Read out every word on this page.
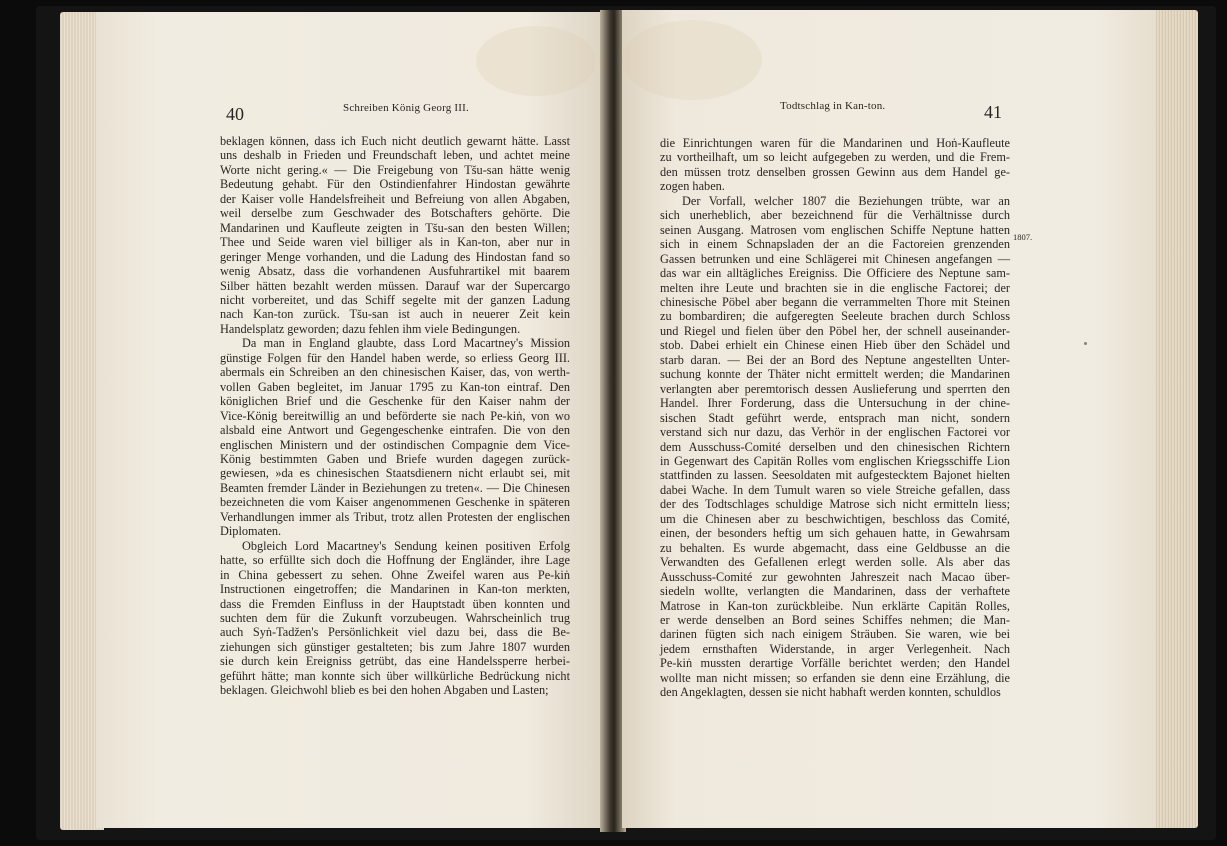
40	Schreiben König Georg III.
beklagen können, dass ich Euch nicht deutlich gewarnt hätte. Lasst
uns deshalb in Frieden und Freundschaft leben, und achtet meine
Worte nicht gering.« — Die Freigebung von Tšu-san hätte wenig
Bedeutung gehabt. Für den Ostindienfahrer Hindostan gewährte
der Kaiser volle Handelsfreiheit und Befreiung von allen Abgaben,
weil derselbe zum Geschwader des Botschafters gehörte. Die
Mandarinen und Kaufleute zeigten in Tšu-san den besten Willen;
Thee und Seide waren viel billiger als in Kan-ton, aber nur in
geringer Menge vorhanden, und die Ladung des Hindostan fand so
wenig Absatz, dass die vorhandenen Ausfuhrartikel mit baarem
Silber hätten bezahlt werden müssen. Darauf war der Supercargo
nicht vorbereitet, und das Schiff segelte mit der ganzen Ladung
nach Kan-ton zurück. Tšu-san ist auch in neuerer Zeit kein
Handelsplatz geworden; dazu fehlen ihm viele Bedingungen.
Da man in England glaubte, dass Lord Macartney's Mission
günstige Folgen für den Handel haben werde, so erliess Georg III.
abermals ein Schreiben an den chinesischen Kaiser, das, von werth-
vollen Gaben begleitet, im Januar 1795 zu Kan-ton eintraf. Den
königlichen Brief und die Geschenke für den Kaiser nahm der
Vice-König bereitwillig an und beförderte sie nach Pe-kiṅ, von wo
alsbald eine Antwort und Gegengeschenke eintrafen. Die von den
englischen Ministern und der ostindischen Compagnie dem Vice-
König bestimmten Gaben und Briefe wurden dagegen zurück-
gewiesen, »da es chinesischen Staatsdienern nicht erlaubt sei, mit
Beamten fremder Länder in Beziehungen zu treten«. — Die Chinesen
bezeichneten die vom Kaiser angenommenen Geschenke in späteren
Verhandlungen immer als Tribut, trotz allen Protesten der englischen
Diplomaten.
Obgleich Lord Macartney's Sendung keinen positiven Erfolg
hatte, so erfüllte sich doch die Hoffnung der Engländer, ihre Lage
in China gebessert zu sehen. Ohne Zweifel waren aus Pe-kiṅ
Instructionen eingetroffen; die Mandarinen in Kan-ton merkten,
dass die Fremden Einfluss in der Hauptstadt üben konnten und
suchten dem für die Zukunft vorzubeugen. Wahrscheinlich trug
auch Syṅ-Tadžen's Persönlichkeit viel dazu bei, dass die Be-
ziehungen sich günstiger gestalteten; bis zum Jahre 1807 wurden
sie durch kein Ereigniss getrübt, das eine Handelssperre herbei-
geführt hätte; man konnte sich über willkürliche Bedrückung nicht
beklagen. Gleichwohl blieb es bei den hohen Abgaben und Lasten;
Todtschlag in Kan-ton.	41
die Einrichtungen waren für die Mandarinen und Hoṅ-Kaufleute
zu vortheilhaft, um so leicht aufgegeben zu werden, und die Frem-
den müssen trotz denselben grossen Gewinn aus dem Handel ge-
zogen haben.
Der Vorfall, welcher 1807 die Beziehungen trübte, war an
sich unerheblich, aber bezeichnend für die Verhältnisse durch
seinen Ausgang. Matrosen vom englischen Schiffe Neptune hatten
sich in einem Schnapsladen der an die Factoreien grenzenden
Gassen betrunken und eine Schlägerei mit Chinesen angefangen —
das war ein alltägliches Ereigniss. Die Officiere des Neptune sam-
melten ihre Leute und brachten sie in die englische Factorei; der
chinesische Pöbel aber begann die verrammelten Thore mit Steinen
zu bombardiren; die aufgeregten Seeleute brachen durch Schloss
und Riegel und fielen über den Pöbel her, der schnell auseinander-
stob. Dabei erhielt ein Chinese einen Hieb über den Schädel und
starb daran. — Bei der an Bord des Neptune angestellten Unter-
suchung konnte der Thäter nicht ermittelt werden; die Mandarinen
verlangten aber peremtorisch dessen Auslieferung und sperrten den
Handel. Ihrer Forderung, dass die Untersuchung in der chine-
sischen Stadt geführt werde, entsprach man nicht, sondern
verstand sich nur dazu, das Verhör in der englischen Factorei vor
dem Ausschuss-Comité derselben und den chinesischen Richtern
in Gegenwart des Capitän Rolles vom englischen Kriegsschiffe Lion
stattfinden zu lassen. Seesoldaten mit aufgestecktem Bajonet hielten
dabei Wache. In dem Tumult waren so viele Streiche gefallen, dass
der des Todtschlages schuldige Matrose sich nicht ermitteln liess;
um die Chinesen aber zu beschwichtigen, beschloss das Comité,
einen, der besonders heftig um sich gehauen hatte, in Gewahrsam
zu behalten. Es wurde abgemacht, dass eine Geldbusse an die
Verwandten des Gefallenen erlegt werden solle. Als aber das
Ausschuss-Comité zur gewohnten Jahreszeit nach Macao über-
siedeln wollte, verlangten die Mandarinen, dass der verhaftete
Matrose in Kan-ton zurückbleibe. Nun erklärte Capitän Rolles,
er werde denselben an Bord seines Schiffes nehmen; die Man-
darinen fügten sich nach einigem Sträuben. Sie waren, wie bei
jedem ernsthaften Widerstande, in arger Verlegenheit. Nach
Pe-kiṅ mussten derartige Vorfälle berichtet werden; den Handel
wollte man nicht missen; so erfanden sie denn eine Erzählung, die
den Angeklagten, dessen sie nicht habhaft werden konnten, schuldlos
1807.
